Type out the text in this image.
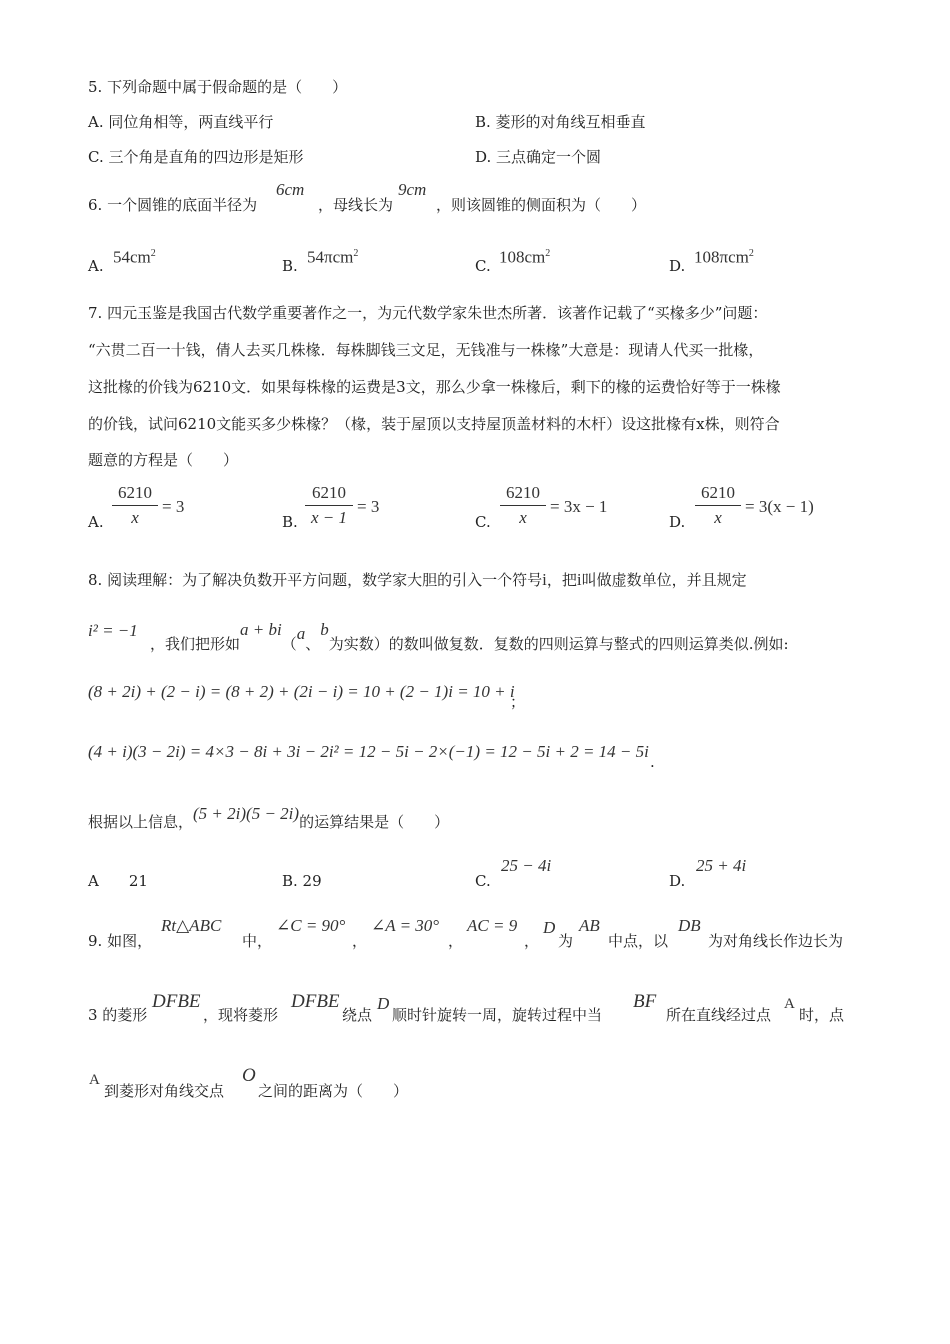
5. 下列命题中属于假命题的是（　　）
A. 同位角相等，两直线平行	B. 菱形的对角线互相垂直
C. 三个角是直角的四边形是矩形	D. 三点确定一个圆
6. 一个圆锥的底面半径为
6cm
，母线长为
9cm
，则该圆锥的侧面积为（　　）
A. $54cm^2$
B. 54πcm$^2$
C. $108cm^2$
D. 108πcm$^2$
7. 四元玉鉴是我国古代数学重要著作之一，为元代数学家朱世杰所著．该著作记载了“买椽多少”问题：
“六贯二百一十钱，倩人去买几株椽．每株脚钱三文足，无钱准与一株椽”大意是：现请人代买一批椽，
这批椽的价钱为6210文．如果每株椽的运费是3文，那么少拿一株椽后，剩下的椽的运费恰好等于一株椽
的价钱，试问6210文能买多少株椽？（椽，装于屋顶以支持屋顶盖材料的木杆）设这批椽有x株，则符合
题意的方程是（　　）
A.
6210
x
= 3
B.
6210
x − 1
= 3
C.
6210
x
= 3x − 1
D.
6210
x
= 3(x − 1)
8. 阅读理解：为了解决负数开平方问题，数学家大胆的引入一个符号i，把i叫做虚数单位，并且规定
i² = −1
，我们把形如a + bi（a、b为实数）的数叫做复数．复数的四则运算与整式的四则运算类似.例如:
(8 + 2i) + (2 − i) = (8 + 2) + (2i − i) = 10 + (2 − 1)i = 10 + i
；
(4 + i)(3 − 2i) = 4×3 − 8i + 3i − 2i² = 12 − 5i − 2×(−1) = 12 − 5i + 2 = 14 − 5i
.
根据以上信息，(5 + 2i)(5 − 2i)的运算结果是（　　）
A　　21	B. 29	C.
25 − 4i
D.
25 + 4i
9. 如图，
Rt△ABC
中，
∠C = 90°
，
∠A = 30°
，
AC = 9
，
D
为
AB
中点，以
DB
为对角线长作边长为
3 的菱形
DFBE
，现将菱形
DFBE
绕点
D
顺时针旋转一周，旋转过程中当
BF
所在直线经过点
A
时，点
A
到菱形对角线交点
O
之间的距离为（　　）
